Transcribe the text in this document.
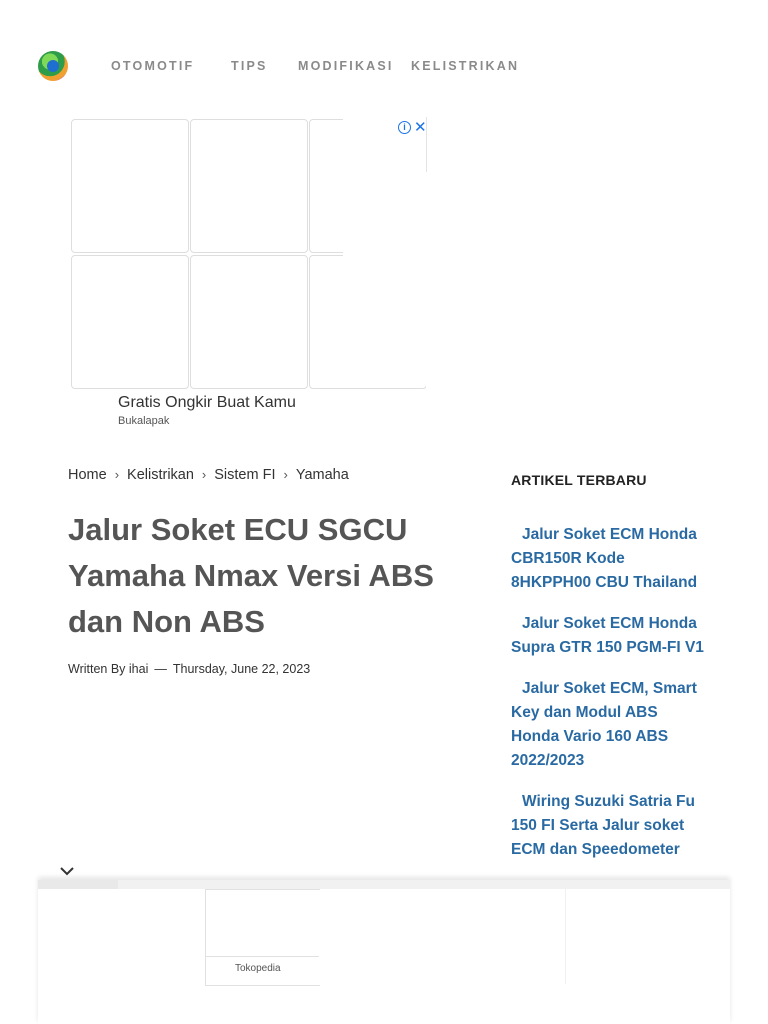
OTOMOTIF	TIPS MODIFIKASI KELISTRIKAN
i ✕
Gratis Ongkir Buat Kamu
Bukalapak
Home › Kelistrikan › Sistem FI › Yamaha
Jalur Soket ECU SGCU Yamaha Nmax Versi ABS dan Non ABS
Written By ihai — Thursday, June 22, 2023
ARTIKEL TERBARU
Jalur Soket ECM Honda CBR150R Kode 8HKPPH00 CBU Thailand
Jalur Soket ECM Honda Supra GTR 150 PGM-FI V1
Jalur Soket ECM, Smart Key dan Modul ABS Honda Vario 160 ABS 2022/2023
Wiring Suzuki Satria Fu 150 FI Serta Jalur soket ECM dan Speedometer
Tokopedia
